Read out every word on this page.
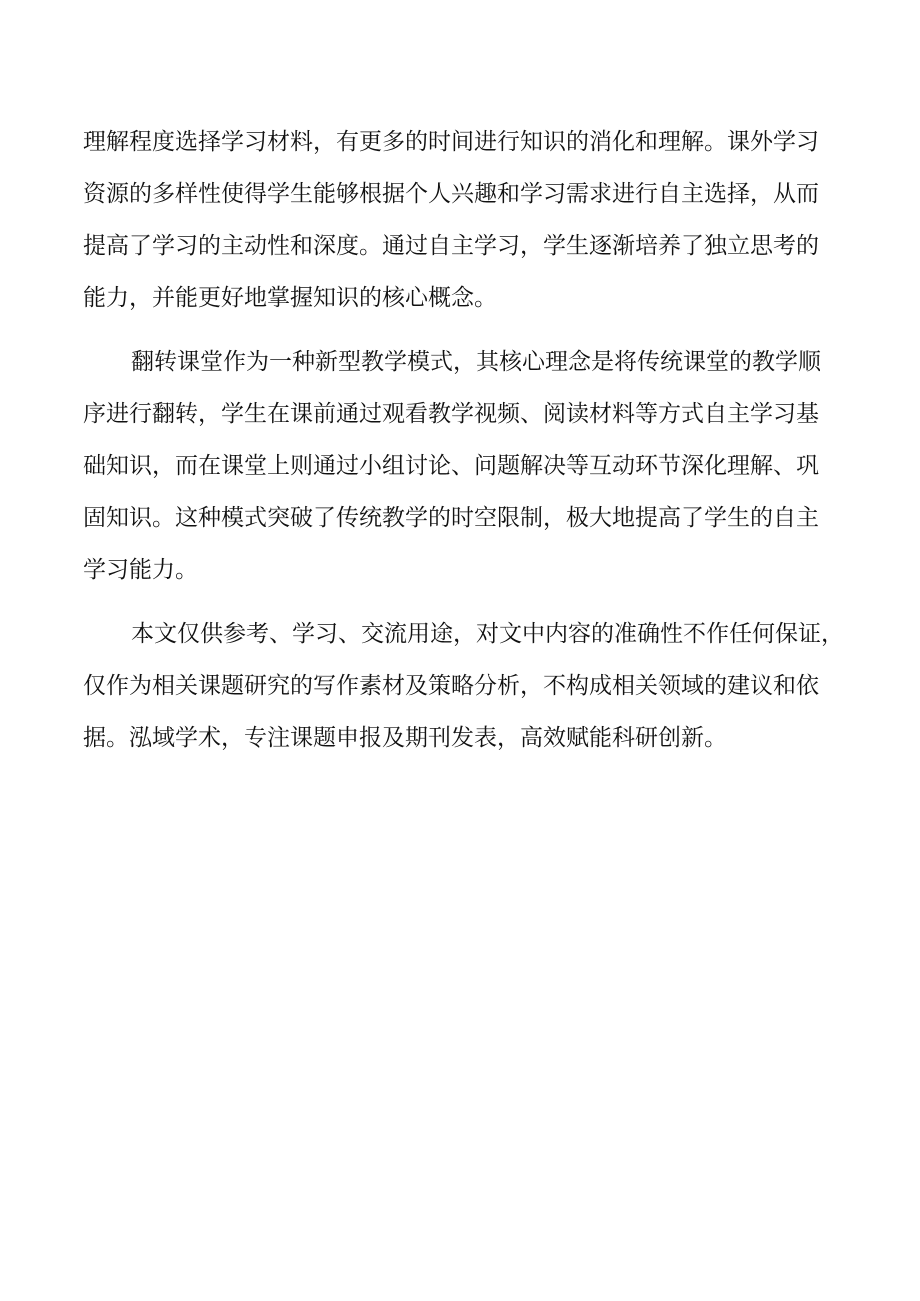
理解程度选择学习材料，有更多的时间进行知识的消化和理解。课外学习
资源的多样性使得学生能够根据个人兴趣和学习需求进行自主选择，从而
提高了学习的主动性和深度。通过自主学习，学生逐渐培养了独立思考的
能力，并能更好地掌握知识的核心概念。

翻转课堂作为一种新型教学模式，其核心理念是将传统课堂的教学顺
序进行翻转，学生在课前通过观看教学视频、阅读材料等方式自主学习基
础知识，而在课堂上则通过小组讨论、问题解决等互动环节深化理解、巩
固知识。这种模式突破了传统教学的时空限制，极大地提高了学生的自主
学习能力。

本文仅供参考、学习、交流用途，对文中内容的准确性不作任何保证，
仅作为相关课题研究的写作素材及策略分析，不构成相关领域的建议和依
据。泓域学术，专注课题申报及期刊发表，高效赋能科研创新。
